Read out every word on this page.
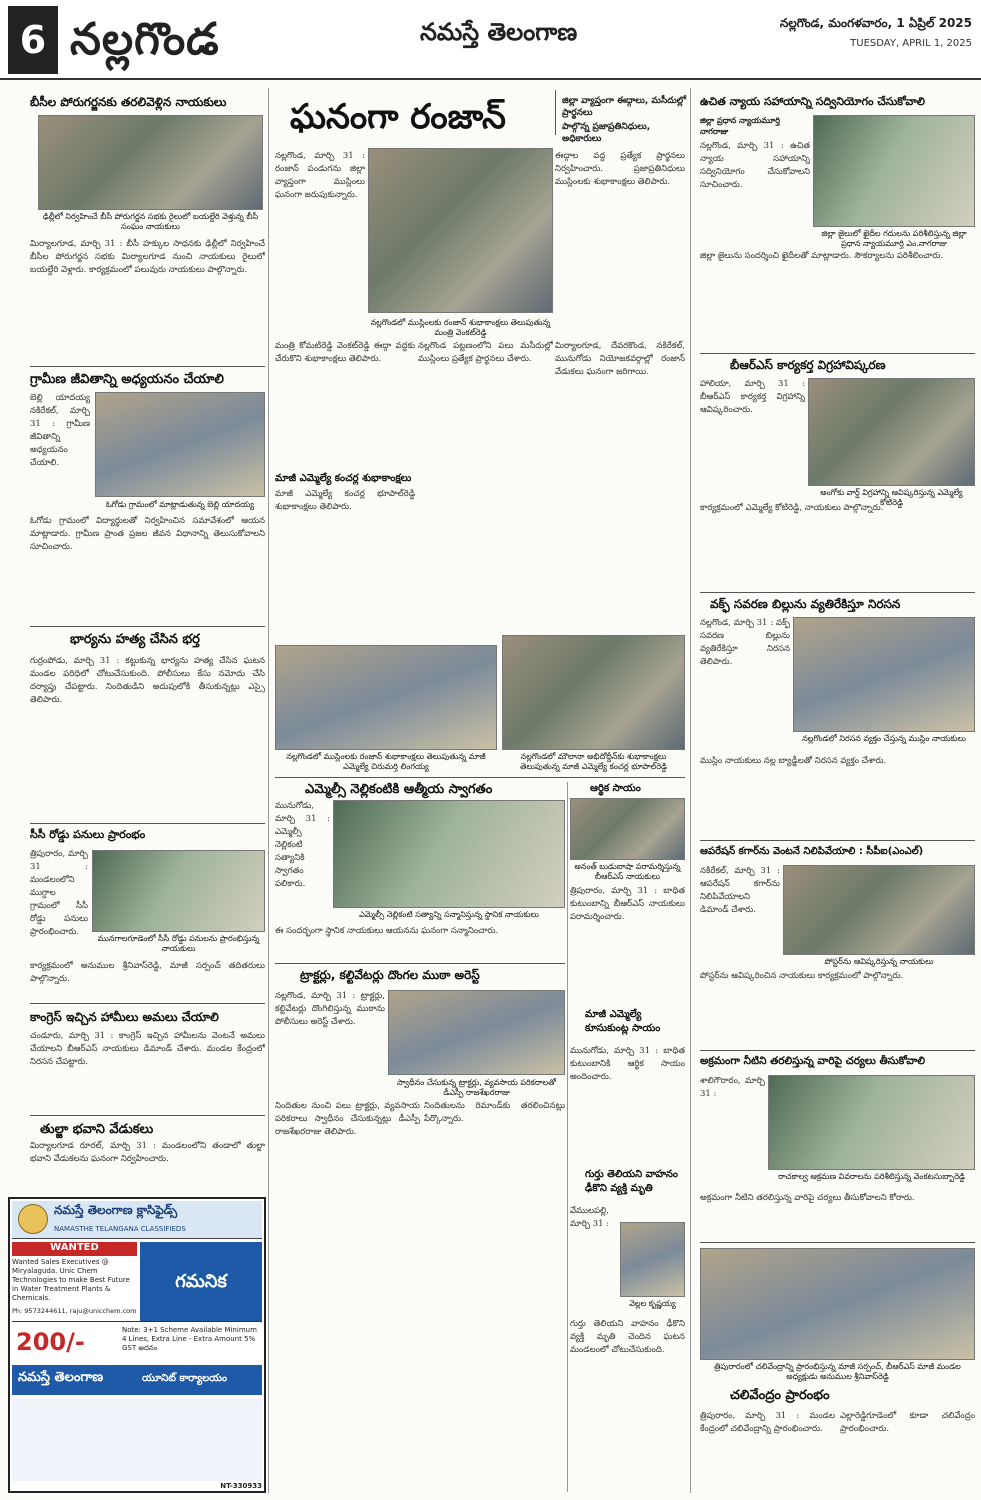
6 నల్లగొండ	నమస్తే తెలంగాణ	నల్లగొండ, మంగళవారం, 1 ఏప్రిల్ 2025
TUESDAY, APRIL 1, 2025
బీసీల పోరుగర్జనకు తరలివెళ్లిన నాయకులు
ఢిల్లీలో నిర్వహించే బీసీ పోరుగర్జన సభకు రైలులో బయల్దేరి వెళ్తున్న బీసీ సంఘం నాయకులు
మిర్యాలగూడ, మార్చి 31 : బీసీ హక్కుల సాధనకు ఢిల్లీలో నిర్వహించే బీసీల పోరుగర్జన సభకు మిర్యాలగూడ నుంచి నాయకులు రైలులో బయల్దేరి వెళ్లారు. కార్యక్రమంలో పలువురు నాయకులు పాల్గొన్నారు.
గ్రామీణ జీవితాన్ని అధ్యయనం చేయాలి
ఓగోడు గ్రామంలో మాట్లాడుతున్న బెల్లి యాదయ్య
బెల్లి యాదయ్య నకిరేకల్, మార్చి 31 : గ్రామీణ జీవితాన్ని అధ్యయనం చేయాలి.
ఓగోడు గ్రామంలో విద్యార్థులతో నిర్వహించిన సమావేశంలో ఆయన మాట్లాడారు. గ్రామీణ ప్రాంత ప్రజల జీవన విధానాన్ని తెలుసుకోవాలని సూచించారు.
భార్యను హత్య చేసిన భర్త
గుర్రంపోడు, మార్చి 31 : కట్టుకున్న భార్యను హత్య చేసిన ఘటన మండల పరిధిలో చోటుచేసుకుంది. పోలీసులు కేసు నమోదు చేసి దర్యాప్తు చేపట్టారు. నిందితుడిని అదుపులోకి తీసుకున్నట్లు ఎస్సై తెలిపారు.
సీసీ రోడ్డు పనులు ప్రారంభం
త్రిపురారం, మార్చి 31 : మండలంలోని ముగ్దాల గ్రామంలో సీసీ రోడ్డు పనులు ప్రారంభించారు.
మునగాలగూడెంలో సీసీ రోడ్డు పనులను ప్రారంభిస్తున్న నాయకులు
కార్యక్రమంలో అనుముల శ్రీనివాస్‌రెడ్డి, మాజీ సర్పంచ్ తదితరులు పాల్గొన్నారు.
కాంగ్రెస్ ఇచ్చిన హామీలు అమలు చేయాలి
చండూరు, మార్చి 31 : కాంగ్రెస్ ఇచ్చిన హామీలను వెంటనే అమలు చేయాలని బీఆర్ఎస్ నాయకులు డిమాండ్ చేశారు. మండల కేంద్రంలో నిరసన చేపట్టారు.
తుల్జా భవాని వేడుకలు
మిర్యాలగూడ రూరల్, మార్చి 31 : మండలంలోని తండాలో తుల్జా భవాని వేడుకలను ఘనంగా నిర్వహించారు.
నమస్తే తెలంగాణ క్లాసిఫైడ్స్
NAMASTHE TELANGANA CLASSIFIEDS
WANTED
Wanted Sales Executives @ Miryalaguda. Unic Chem Technologies to make Best Future in Water Treatment Plants & Chemicals.
Ph: 9573244611, raju@unicchem.com
గమనిక
200/-	Note: 3+1 Scheme Available Minimum 4 Lines, Extra Line - Extra Amount 5% GST అదనం
నమస్తే తెలంగాణ	యూనిట్ కార్యాలయం
NT-330933
ఘనంగా రంజాన్	జిల్లా వ్యాప్తంగా ఈద్గాలు, మసీదుల్లో ప్రార్థనలు
పాల్గొన్న ప్రజాప్రతినిధులు, అధికారులు
నల్లగొండ, మార్చి 31 : రంజాన్ పండుగను జిల్లా వ్యాప్తంగా ముస్లింలు ఘనంగా జరుపుకున్నారు.
నల్లగొండలో ముస్లింలకు రంజాన్ శుభాకాంక్షలు తెలుపుతున్న మంత్రి వెంకట్‌రెడ్డి
ఈద్గాల వద్ద ప్రత్యేక ప్రార్థనలు నిర్వహించారు. ప్రజాప్రతినిధులు ముస్లింలకు శుభాకాంక్షలు తెలిపారు.
మంత్రి కోమటిరెడ్డి వెంకట్‌రెడ్డి ఈద్గా వద్దకు చేరుకొని శుభాకాంక్షలు తెలిపారు.
మాజీ ఎమ్మెల్యే కంచర్ల శుభాకాంక్షలు
మాజీ ఎమ్మెల్యే కంచర్ల భూపాల్‌రెడ్డి శుభాకాంక్షలు తెలిపారు.
నల్లగొండ పట్టణంలోని పలు మసీదుల్లో ముస్లింలు ప్రత్యేక ప్రార్థనలు చేశారు.
మిర్యాలగూడ, దేవరకొండ, నకిరేకల్, మునుగోడు నియోజకవర్గాల్లో రంజాన్ వేడుకలు ఘనంగా జరిగాయి.
నల్లగొండలో ముస్లింలకు రంజాన్ శుభాకాంక్షలు తెలుపుతున్న మాజీ ఎమ్మెల్యే చిరుమర్తి లింగయ్య
నల్లగొండలో మౌలానా అభిదోద్దీన్‌కు శుభాకాంక్షలు తెలుపుతున్న మాజీ ఎమ్మెల్యే కంచర్ల భూపాల్‌రెడ్డి
ఎమ్మెల్సీ నెల్లికంటికి ఆత్మీయ స్వాగతం
మునుగోడు, మార్చి 31 : ఎమ్మెల్సీ నెల్లికంటి సత్యానికి స్వాగతం పలికారు.
ఎమ్మెల్సీ నెల్లికంటి సత్యాన్ని సన్మానిస్తున్న స్థానిక నాయకులు
ఈ సందర్భంగా స్థానిక నాయకులు ఆయనను ఘనంగా సన్మానించారు.
ట్రాక్టర్లు, కల్టివేటర్లు దొంగల ముఠా అరెస్ట్
నల్లగొండ, మార్చి 31 : ట్రాక్టర్లు, కల్టివేటర్లు దొంగిలిస్తున్న ముఠాను పోలీసులు అరెస్ట్ చేశారు.
స్వాధీనం చేసుకున్న ట్రాక్టర్లు, వ్యవసాయ పరికరాలతో డీఎస్పీ రాజశేఖరరాజు
నిందితుల నుంచి పలు ట్రాక్టర్లు, వ్యవసాయ పరికరాలు స్వాధీనం చేసుకున్నట్లు డీఎస్పీ రాజశేఖరరాజు తెలిపారు.
నిందితులను రిమాండ్‌కు తరలించినట్లు పేర్కొన్నారు.
ఆర్థిక సాయం
అనంత్ బుడుబాషా పరామర్శిస్తున్న బీఆర్ఎస్ నాయకులు
త్రిపురారం, మార్చి 31 : బాధిత కుటుంబాన్ని బీఆర్ఎస్ నాయకులు పరామర్శించారు.
మాజీ ఎమ్మెల్యే కూసుకుంట్ల సాయం
మునుగోడు, మార్చి 31 : బాధిత కుటుంబానికి ఆర్థిక సాయం అందించారు.
గుర్తు తెలియని వాహనం ఢీకొని వ్యక్తి మృతి
వేములపల్లి, మార్చి 31 :
వెల్లల కృష్ణయ్య
గుర్తు తెలియని వాహనం ఢీకొని వ్యక్తి మృతి చెందిన ఘటన మండలంలో చోటుచేసుకుంది.
ఉచిత న్యాయ సహాయాన్ని సద్వినియోగం చేసుకోవాలి
జిల్లా ప్రధాన న్యాయమూర్తి నాగరాజు
నల్లగొండ, మార్చి 31 : ఉచిత న్యాయ సహాయాన్ని సద్వినియోగం చేసుకోవాలని సూచించారు.
జిల్లా జైలులో ఖైదీల గదులను పరిశీలిస్తున్న జిల్లా ప్రధాన న్యాయమూర్తి ఎం.నాగరాజు
జిల్లా జైలును సందర్శించి ఖైదీలతో మాట్లాడారు. సౌకర్యాలను పరిశీలించారు.
బీఆర్ఎస్ కార్యకర్త విగ్రహావిష్కరణ
హాలియా, మార్చి 31 : బీఆర్ఎస్ కార్యకర్త విగ్రహాన్ని ఆవిష్కరించారు.
అంగోకు వార్డ్ విగ్రహాన్ని ఆవిష్కరిస్తున్న ఎమ్మెల్యే కోటిరెడ్డి
కార్యక్రమంలో ఎమ్మెల్యే కోటిరెడ్డి, నాయకులు పాల్గొన్నారు.
వక్ఫ్ సవరణ బిల్లును వ్యతిరేకిస్తూ నిరసన
నల్లగొండ, మార్చి 31 : వక్ఫ్ సవరణ బిల్లును వ్యతిరేకిస్తూ నిరసన తెలిపారు.
నల్లగొండలో నిరసన వ్యక్తం చేస్తున్న ముస్లిం నాయకులు
ముస్లిం నాయకులు నల్ల బ్యాడ్జీలతో నిరసన వ్యక్తం చేశారు.
ఆపరేషన్ కగార్‌ను వెంటనే నిలిపివేయాలి : సీపీఐ(ఎంఎల్)
నకిరేకల్, మార్చి 31 : ఆపరేషన్ కగార్‌ను నిలిపివేయాలని డిమాండ్ చేశారు.
పోస్టర్‌ను ఆవిష్కరిస్తున్న నాయకులు
పోస్టర్‌ను ఆవిష్కరించిన నాయకులు కార్యక్రమంలో పాల్గొన్నారు.
అక్రమంగా నీటిని తరలిస్తున్న వారిపై చర్యలు తీసుకోవాలి
శాలిగౌరారం, మార్చి 31 :
రాచకాల్వ ఆక్రమణ వివరాలను పరిశీలిస్తున్న వెంకటసుబ్బారెడ్డి
అక్రమంగా నీటిని తరలిస్తున్న వారిపై చర్యలు తీసుకోవాలని కోరారు.
త్రిపురారంలో చలివేంద్రాన్ని ప్రారంభిస్తున్న మాజీ సర్పంచ్, బీఆర్ఎస్ మాజీ మండల అధ్యక్షుడు అనుముల శ్రీనివాస్‌రెడ్డి
చలివేంద్రం ప్రారంభం
త్రిపురారం, మార్చి 31 : మండల కేంద్రంలో చలివేంద్రాన్ని ప్రారంభించారు.
ఎల్లారెడ్డిగూడెంలో కూడా చలివేంద్రం ప్రారంభించారు.
